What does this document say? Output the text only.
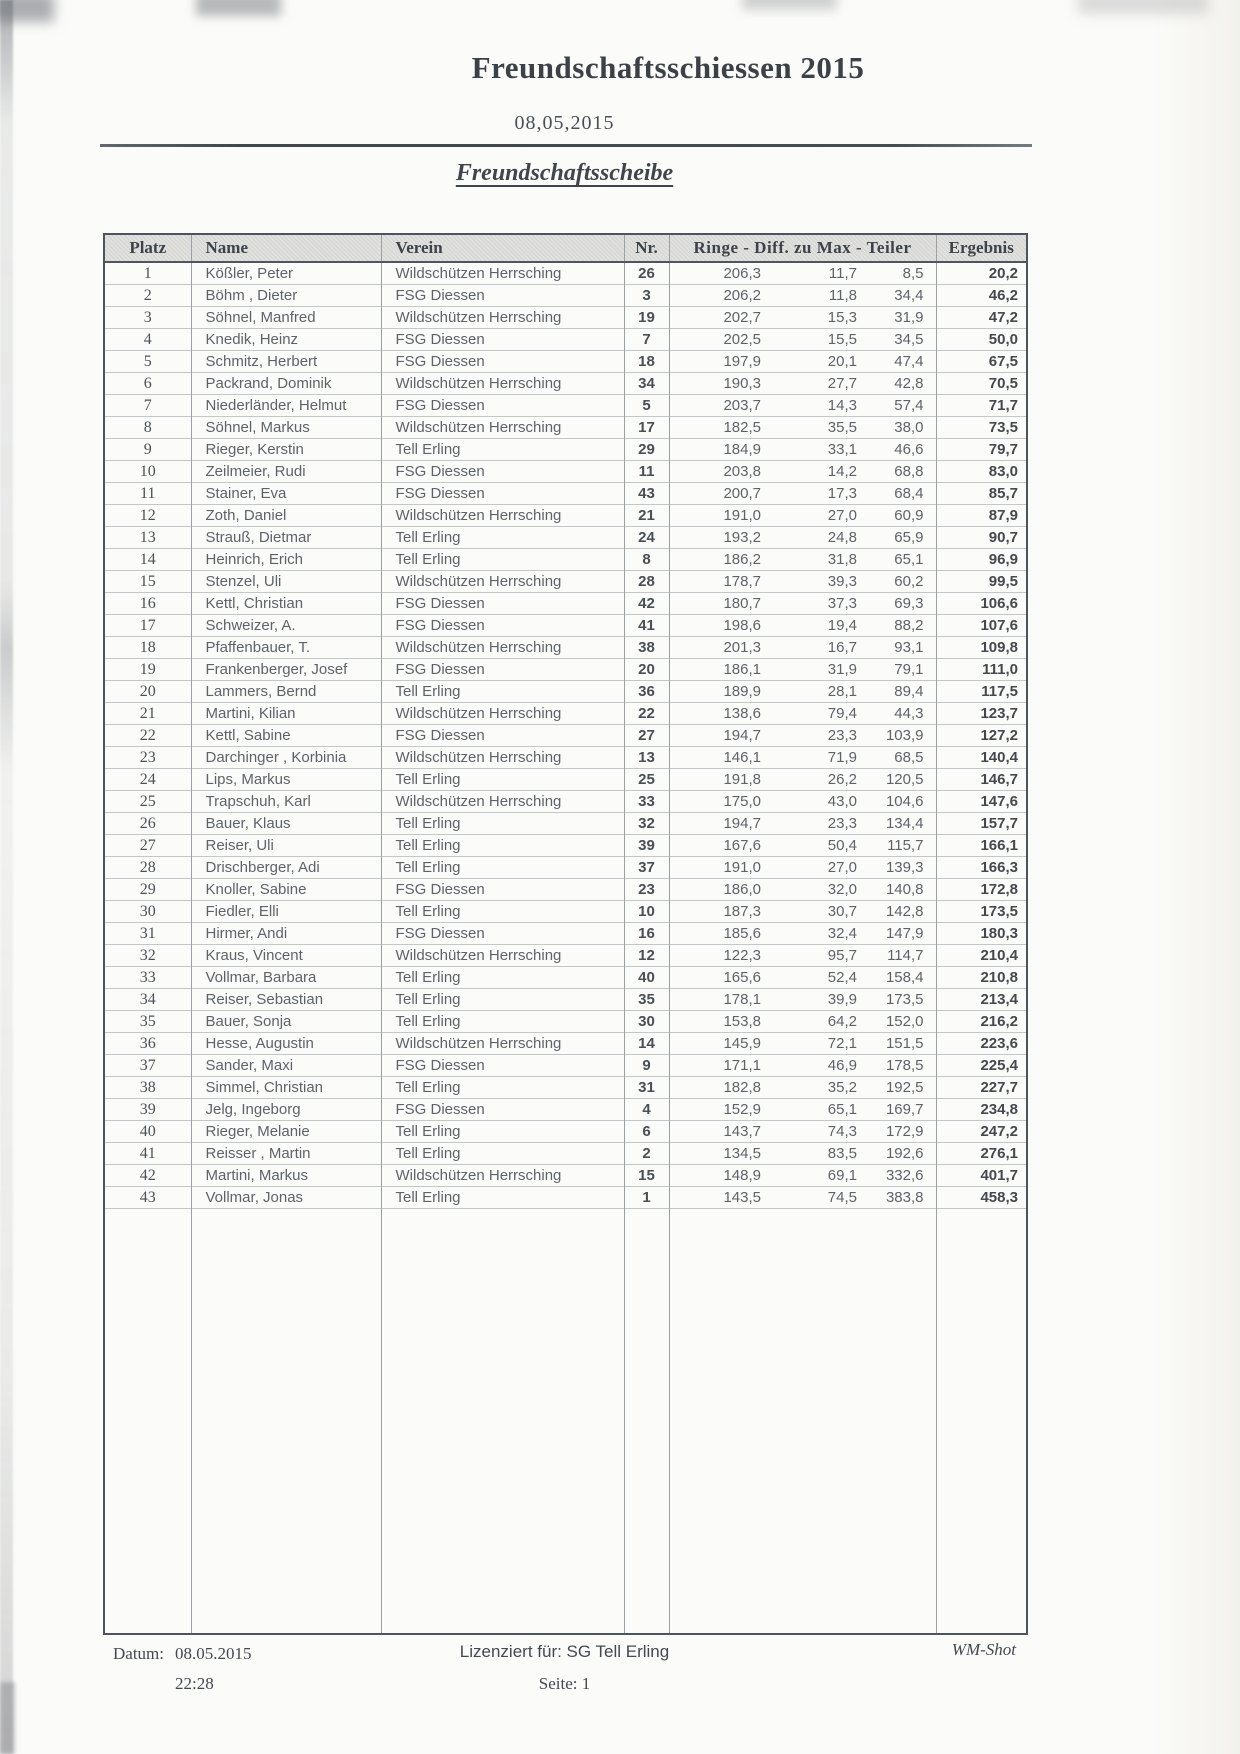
Freundschaftsschiessen 2015
08,05,2015
Freundschaftsscheibe
Platz	Name	Verein	Nr.	Ringe - Diff. zu Max - Teiler			Ergebnis
1	Kößler, Peter	Wildschützen Herrsching	26	206,3	11,7	8,5	20,2
2	Böhm , Dieter	FSG Diessen	3	206,2	11,8	34,4	46,2
3	Söhnel, Manfred	Wildschützen Herrsching	19	202,7	15,3	31,9	47,2
4	Knedik, Heinz	FSG Diessen	7	202,5	15,5	34,5	50,0
5	Schmitz, Herbert	FSG Diessen	18	197,9	20,1	47,4	67,5
6	Packrand, Dominik	Wildschützen Herrsching	34	190,3	27,7	42,8	70,5
7	Niederländer, Helmut	FSG Diessen	5	203,7	14,3	57,4	71,7
8	Söhnel, Markus	Wildschützen Herrsching	17	182,5	35,5	38,0	73,5
9	Rieger, Kerstin	Tell Erling	29	184,9	33,1	46,6	79,7
10	Zeilmeier, Rudi	FSG Diessen	11	203,8	14,2	68,8	83,0
11	Stainer, Eva	FSG Diessen	43	200,7	17,3	68,4	85,7
12	Zoth, Daniel	Wildschützen Herrsching	21	191,0	27,0	60,9	87,9
13	Strauß, Dietmar	Tell Erling	24	193,2	24,8	65,9	90,7
14	Heinrich, Erich	Tell Erling	8	186,2	31,8	65,1	96,9
15	Stenzel, Uli	Wildschützen Herrsching	28	178,7	39,3	60,2	99,5
16	Kettl, Christian	FSG Diessen	42	180,7	37,3	69,3	106,6
17	Schweizer, A.	FSG Diessen	41	198,6	19,4	88,2	107,6
18	Pfaffenbauer, T.	Wildschützen Herrsching	38	201,3	16,7	93,1	109,8
19	Frankenberger, Josef	FSG Diessen	20	186,1	31,9	79,1	111,0
20	Lammers, Bernd	Tell Erling	36	189,9	28,1	89,4	117,5
21	Martini, Kilian	Wildschützen Herrsching	22	138,6	79,4	44,3	123,7
22	Kettl, Sabine	FSG Diessen	27	194,7	23,3	103,9	127,2
23	Darchinger , Korbinia	Wildschützen Herrsching	13	146,1	71,9	68,5	140,4
24	Lips, Markus	Tell Erling	25	191,8	26,2	120,5	146,7
25	Trapschuh, Karl	Wildschützen Herrsching	33	175,0	43,0	104,6	147,6
26	Bauer, Klaus	Tell Erling	32	194,7	23,3	134,4	157,7
27	Reiser, Uli	Tell Erling	39	167,6	50,4	115,7	166,1
28	Drischberger, Adi	Tell Erling	37	191,0	27,0	139,3	166,3
29	Knoller, Sabine	FSG Diessen	23	186,0	32,0	140,8	172,8
30	Fiedler, Elli	Tell Erling	10	187,3	30,7	142,8	173,5
31	Hirmer, Andi	FSG Diessen	16	185,6	32,4	147,9	180,3
32	Kraus, Vincent	Wildschützen Herrsching	12	122,3	95,7	114,7	210,4
33	Vollmar, Barbara	Tell Erling	40	165,6	52,4	158,4	210,8
34	Reiser, Sebastian	Tell Erling	35	178,1	39,9	173,5	213,4
35	Bauer, Sonja	Tell Erling	30	153,8	64,2	152,0	216,2
36	Hesse, Augustin	Wildschützen Herrsching	14	145,9	72,1	151,5	223,6
37	Sander, Maxi	FSG Diessen	9	171,1	46,9	178,5	225,4
38	Simmel, Christian	Tell Erling	31	182,8	35,2	192,5	227,7
39	Jelg, Ingeborg	FSG Diessen	4	152,9	65,1	169,7	234,8
40	Rieger, Melanie	Tell Erling	6	143,7	74,3	172,9	247,2
41	Reisser , Martin	Tell Erling	2	134,5	83,5	192,6	276,1
42	Martini, Markus	Wildschützen Herrsching	15	148,9	69,1	332,6	401,7
43	Vollmar, Jonas	Tell Erling	1	143,5	74,5	383,8	458,3

Datum: 08.05.2015	Lizenziert für: SG Tell Erling	WM-Shot
22:28	Seite: 1
